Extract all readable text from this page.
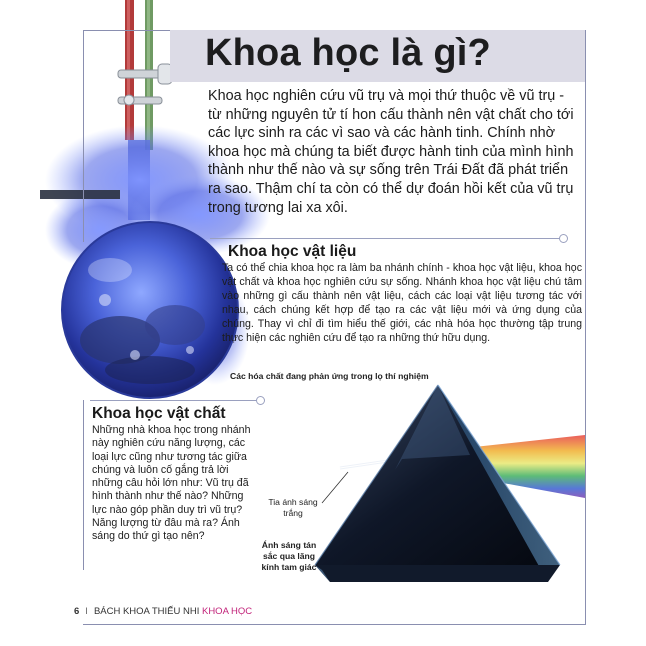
Khoa học là gì?

Khoa học nghiên cứu vũ trụ và mọi thứ thuộc về vũ trụ - từ những nguyên tử tí hon cấu thành nên vật chất cho tới các lực sinh ra các vì sao và các hành tinh. Chính nhờ khoa học mà chúng ta biết được hành tinh của mình hình thành như thế nào và sự sống trên Trái Đất đã phát triển ra sao. Thậm chí ta còn có thể dự đoán hồi kết của vũ trụ trong tương lai xa xôi.

Khoa học vật liệu

Ta có thể chia khoa học ra làm ba nhánh chính - khoa học vật liệu, khoa học vật chất và khoa học nghiên cứu sự sống. Nhánh khoa học vật liệu chú tâm vào những gì cấu thành nên vật liệu, cách các loại vật liệu tương tác với nhau, cách chúng kết hợp để tạo ra các vật liệu mới và ứng dụng của chúng. Thay vì chỉ đi tìm hiểu thế giới, các nhà hóa học thường tập trung thực hiện các nghiên cứu để tạo ra những thứ hữu dụng.

Các hóa chất đang phản ứng trong lọ thí nghiệm

Khoa học vật chất

Những nhà khoa học trong nhánh này nghiên cứu năng lượng, các loại lực cũng như tương tác giữa chúng và luôn cố gắng trả lời những câu hỏi lớn như: Vũ trụ đã hình thành như thế nào? Những lực nào góp phần duy trì vũ trụ? Năng lượng từ đâu mà ra? Ánh sáng do thứ gì tạo nên?

Tia ánh sáng trắng

Ánh sáng tán sắc qua lăng kính tam giác

6 I BÁCH KHOA THIẾU NHI KHOA HỌC
